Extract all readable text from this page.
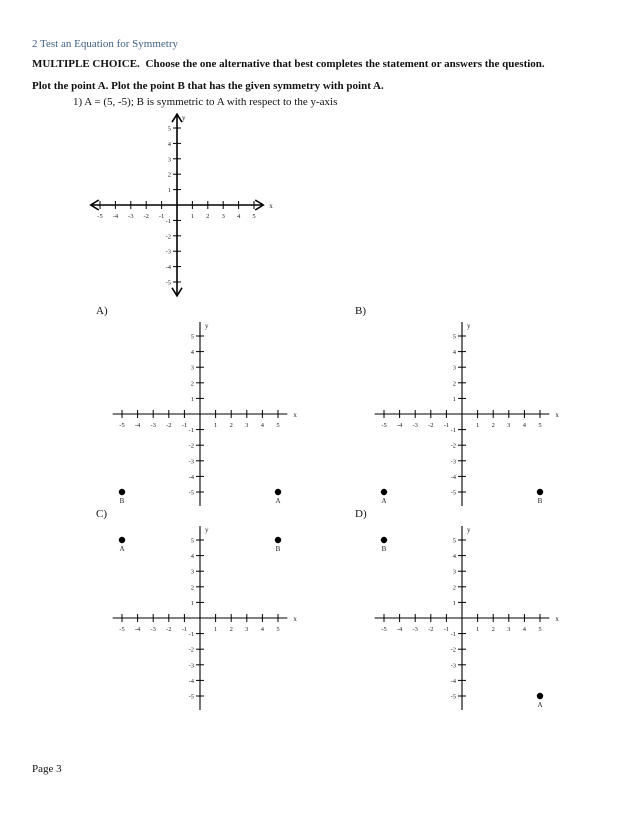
2 Test an Equation for Symmetry
MULTIPLE CHOICE. Choose the one alternative that best completes the statement or answers the question.
Plot the point A. Plot the point B that has the given symmetry with point A.
1) A = (5, -5); B is symmetric to A with respect to the y-axis
-5 -4 -3 -2 -1	1 2 3 4 5
-5
-4
-3
-2
-1
1
2
3
4
5
x
y
A)
-5 -4 -3 -2 -1	1 2 3 4 5
-5
-4
-3
-2
-1
1
2
3
4
5
x
y
B	A
B)
-5 -4 -3 -2 -1	1 2 3 4 5
-5
-4
-3
-2
-1
1
2
3
4
5
x
y
A	B
C)
-5 -4 -3 -2 -1	1 2 3 4 5
-5
-4
-3
-2
-1
1
2
3
4
5
x
y
A	B
D)
-5 -4 -3 -2 -1	1 2 3 4 5
-5
-4
-3
-2
-1
1
2
3
4
5
x
y
B
A
Page 3
